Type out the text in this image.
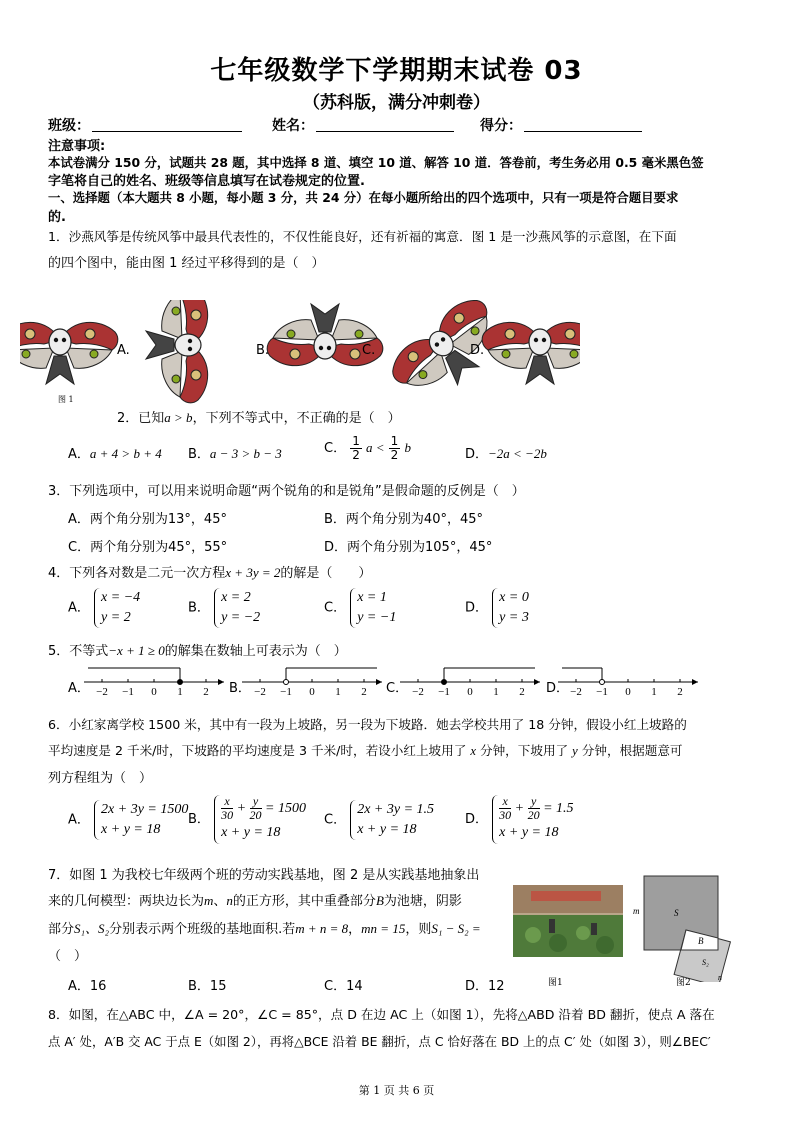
七年级数学下学期期末试卷 03
（苏科版，满分冲刺卷）
班级：	姓名：	得分：
注意事项:
本试卷满分 150 分，试题共 28 题，其中选择 8 道、填空 10 道、解答 10 道．答卷前，考生务必用 0.5 毫米黑色签
字笔将自己的姓名、班级等信息填写在试卷规定的位置.
一、选择题（本大题共 8 小题，每小题 3 分，共 24 分）在每小题所给出的四个选项中，只有一项是符合题目要求
的.
1．沙燕风筝是传统风筝中最具代表性的，不仅性能良好，还有祈福的寓意．图 1 是一沙燕风筝的示意图，在下面
的四个图中，能由图 1 经过平移得到的是（　）
图 1
A.	B.	C.	D.
2．已知a > b，下列不等式中，不正确的是（　）
A．a + 4 > b + 4 B．a − 3 > b − 3	C． $\frac{1}{2}$ $a < \frac{1}{2}$ b	D．−2a < −2b
3．下列选项中，可以用来说明命题“两个锐角的和是锐角”是假命题的反例是（　）
A．两个角分别为13°，45°	B．两个角分别为40°，45°
C．两个角分别为45°，55°	D．两个角分别为105°，45°
4．下列各对数是二元一次方程x + 3y = 2的解是（　　）
A． x = −4
y = 2
B． x = 2
y = −2
C． x = 1
y = −1
D． x = 0
y = 3
5．不等式−x + 1 ≥ 0的解集在数轴上可表示为（　）
A．	B．	C．	D．
−2 −1 0 1 2	−2 −1 0 1 2	−2 −1 0 1 2	−2 −1 0 1 2
6．小红家离学校 1500 米，其中有一段为上坡路，另一段为下坡路．她去学校共用了 18 分钟，假设小红上坡路的
平均速度是 2 千米/时，下坡路的平均速度是 3 千米/时，若设小红上坡用了 x 分钟，下坡用了 y 分钟，根据题意可
列方程组为（　）
A． 2x + 3y = 1500
x + y = 18
B． $\frac{x}{30} + \frac{y}{20} = 1500$
x + y = 18
C． 2x + 3y = 1.5
x + y = 18
D． $\frac{x}{30} + \frac{y}{20} = 1.5$
x + y = 18
7．如图 1 为我校七年级两个班的劳动实践基地，图 2 是从实践基地抽象出
来的几何模型：两块边长为m、n的正方形，其中重叠部分B为池塘，阴影
部分S₁、S₂分别表示两个班级的基地面积.若m + n = 8，mn = 15，则S₁ − S₂ =
（　）
A．16	B．15	C．14	D．12	图1
m	S
B
S₂
n
图2
8．如图，在△ABC 中，∠A = 20°，∠C = 85°，点 D 在边 AC 上（如图 1），先将△ABD 沿着 BD 翻折，使点 A 落在
点 A′ 处，A′B 交 AC 于点 E（如图 2），再将△BCE 沿着 BE 翻折，点 C 恰好落在 BD 上的点 C′ 处（如图 3），则∠BEC′
第 1 页 共 6 页
